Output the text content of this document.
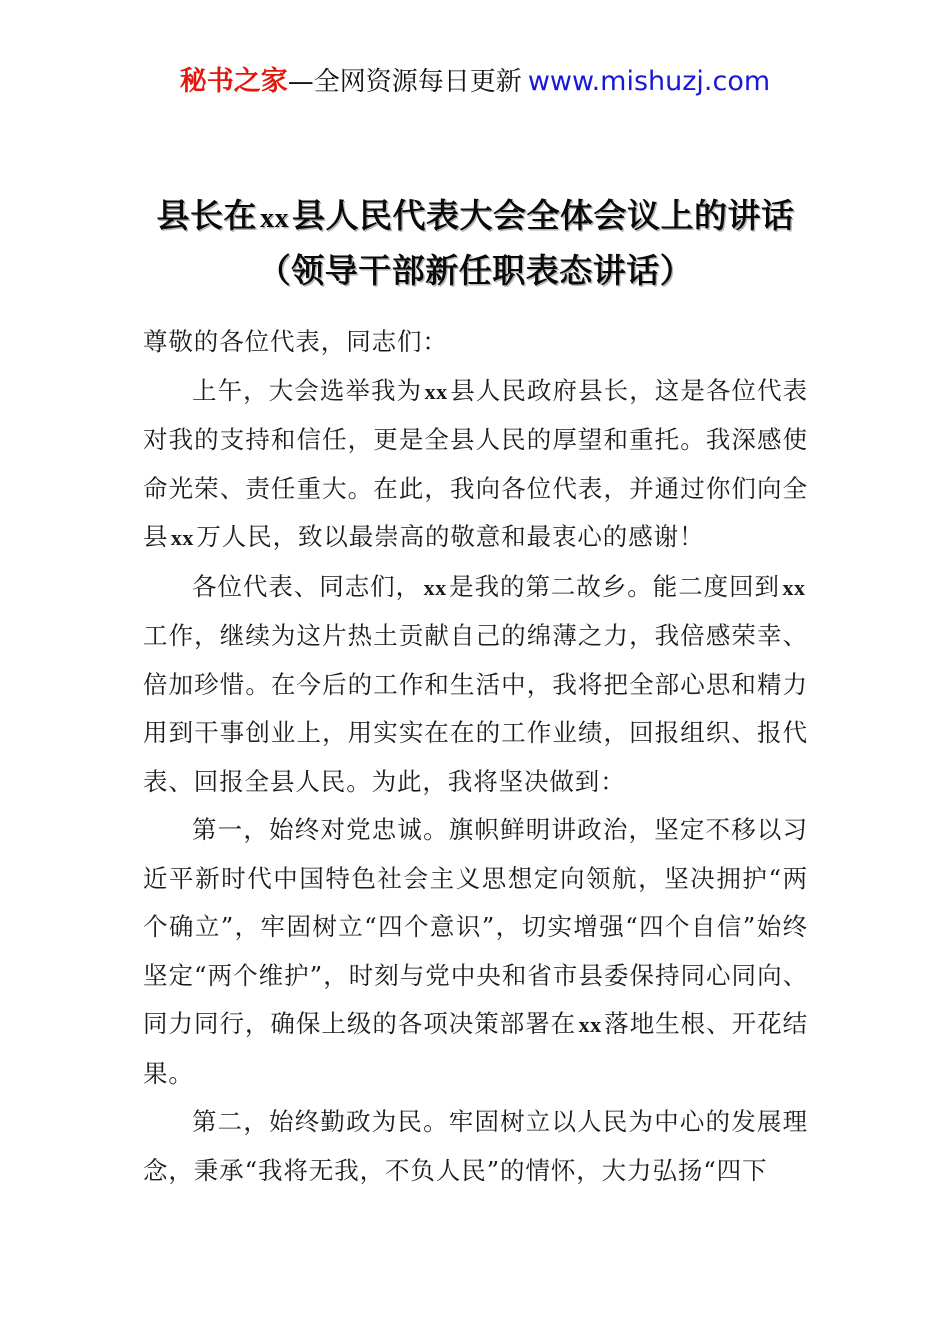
秘书之家—全网资源每日更新 www.mishuzj.com
县长在 xx县人民代表大会全体会议上的讲话（领导干部新任职表态讲话）

尊敬的各位代表，同志们：

上午，大会选举我为 xx 县人民政府县长，这是各位代表对我的支持和信任，更是全县人民的厚望和重托。我深感使命光荣、责任重大。在此，我向各位代表，并通过你们向全县 xx 万人民，致以最崇高的敬意和最衷心的感谢！

各位代表、同志们， xx 是我的第二故乡。能二度回到 xx工作，继续为这片热土贡献自己的绵薄之力，我倍感荣幸、倍加珍惜。在今后的工作和生活中，我将把全部心思和精力用到干事创业上，用实实在在的工作业绩，回报组织、报代表、回报全县人民。为此，我将坚决做到：

第一，始终对党忠诚。旗帜鲜明讲政治，坚定不移以习近平新时代中国特色社会主义思想定向领航，坚决拥护“两个确立”，牢固树立“四个意识”，切实增强“四个自信”始终坚定“两个维护”，时刻与党中央和省市县委保持同心同向、同力同行，确保上级的各项决策部署在 xx 落地生根、开花结果。

第二，始终勤政为民。牢固树立以人民为中心的发展理念，秉承“我将无我，不负人民”的情怀，大力弘扬“四下
